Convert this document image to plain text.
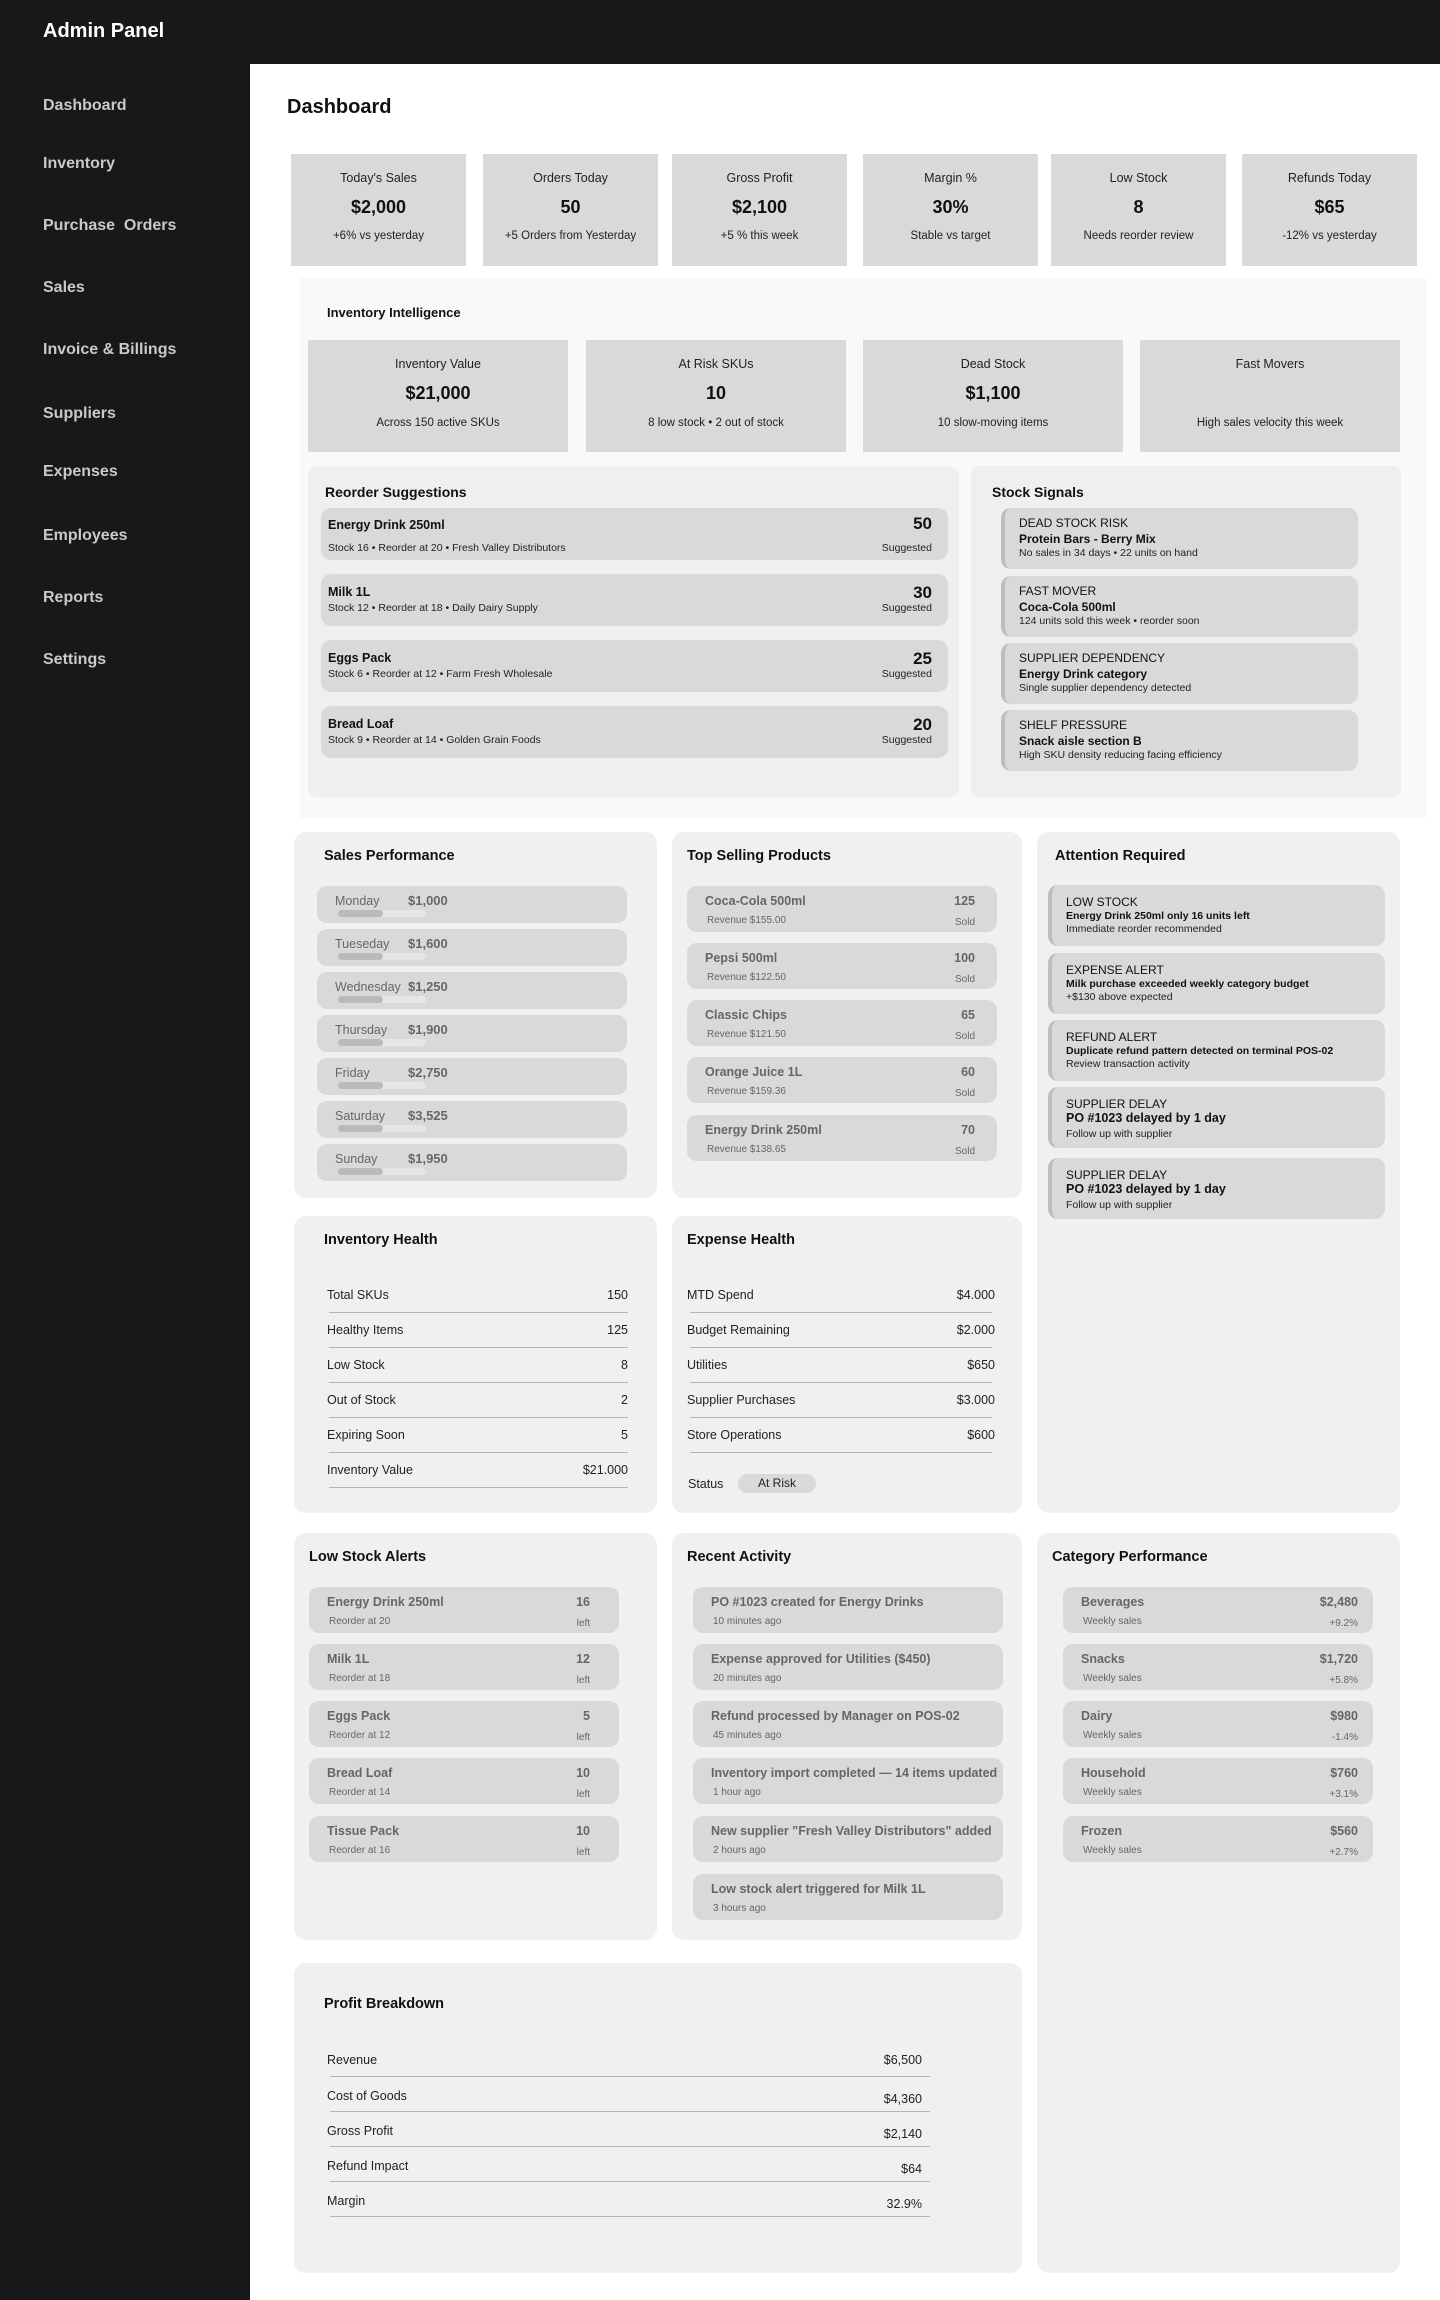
Admin Panel
Dashboard
Inventory
Purchase  Orders
Sales
Invoice & Billings
Suppliers
Expenses
Employees
Reports
Settings
Dashboard
Today's Sales
$2,000
+6% vs yesterday
Orders Today
50
+5 Orders from Yesterday
Gross Profit
$2,100
+5 % this week
Margin %
30%
Stable vs target
Low Stock
8
Needs reorder review
Refunds Today
$65
-12% vs yesterday
Inventory Intelligence
Inventory Value
$21,000
Across 150 active SKUs
At Risk SKUs
10
8 low stock • 2 out of stock
Dead Stock
$1,100
10 slow-moving items
Fast Movers
High sales velocity this week
Reorder Suggestions
Energy Drink 250ml
Stock 16 • Reorder at 20 • Fresh Valley Distributors
50
Suggested
Milk 1L
Stock 12 • Reorder at 18 • Daily Dairy Supply
30
Suggested
Eggs Pack
Stock 6 • Reorder at 12 • Farm Fresh Wholesale
25
Suggested
Bread Loaf
Stock 9 • Reorder at 14 • Golden Grain Foods
20
Suggested
Stock Signals
DEAD STOCK RISK
Protein Bars - Berry Mix
No sales in 34 days • 22 units on hand
FAST MOVER
Coca-Cola 500ml
124 units sold this week • reorder soon
SUPPLIER DEPENDENCY
Energy Drink category
Single supplier dependency detected
SHELF PRESSURE
Snack aisle section B
High SKU density reducing facing efficiency
Sales Performance
Monday $1,000
Tueseday $1,600
Wednesday $1,250
Thursday $1,900
Friday	$2,750
Saturday $3,525
Sunday $1,950
Top Selling Products
Coca-Cola 500ml
Revenue $155.00
125
Sold
Pepsi 500ml
Revenue $122.50
100
Sold
Classic Chips
Revenue $121.50
65
Sold
Orange Juice 1L
Revenue $159.36
60
Sold
Energy Drink 250ml
Revenue $138.65
70
Sold
Attention Required
LOW STOCK
Energy Drink 250ml only 16 units left
Immediate reorder recommended
EXPENSE ALERT
Milk purchase exceeded weekly category budget
+$130 above expected
REFUND ALERT
Duplicate refund pattern detected on terminal POS-02
Review transaction activity
SUPPLIER DELAY
PO #1023 delayed by 1 day
Follow up with supplier
SUPPLIER DELAY
PO #1023 delayed by 1 day
Follow up with supplier
Inventory Health
Total SKUs	150
Healthy Items	125
Low Stock	8
Out of Stock	2
Expiring Soon	5
Inventory Value	$21.000
Expense Health
MTD Spend	$4.000
Budget Remaining	$2.000
Utilities	$650
Supplier Purchases	$3.000
Store Operations	$600
Status	At Risk
Low Stock Alerts
Energy Drink 250ml
Reorder at 20
16
left
Milk 1L
Reorder at 18
12
left
Eggs Pack
Reorder at 12
5
left
Bread Loaf
Reorder at 14
10
left
Tissue Pack
Reorder at 16
10
left
Recent Activity
PO #1023 created for Energy Drinks
10 minutes ago
Expense approved for Utilities ($450)
20 minutes ago
Refund processed by Manager on POS-02
45 minutes ago
Inventory import completed — 14 items updated
1 hour ago
New supplier "Fresh Valley Distributors" added
2 hours ago
Low stock alert triggered for Milk 1L
3 hours ago
Category Performance
Beverages
Weekly sales
$2,480
+9.2%
Snacks
Weekly sales
$1,720
+5.8%
Dairy
Weekly sales
$980
-1.4%
Household
Weekly sales
$760
+3.1%
Frozen
Weekly sales
$560
+2.7%
Profit Breakdown
Revenue	$6,500
Cost of Goods	$4,360
Gross Profit	$2,140
Refund Impact	$64
Margin	32.9%
